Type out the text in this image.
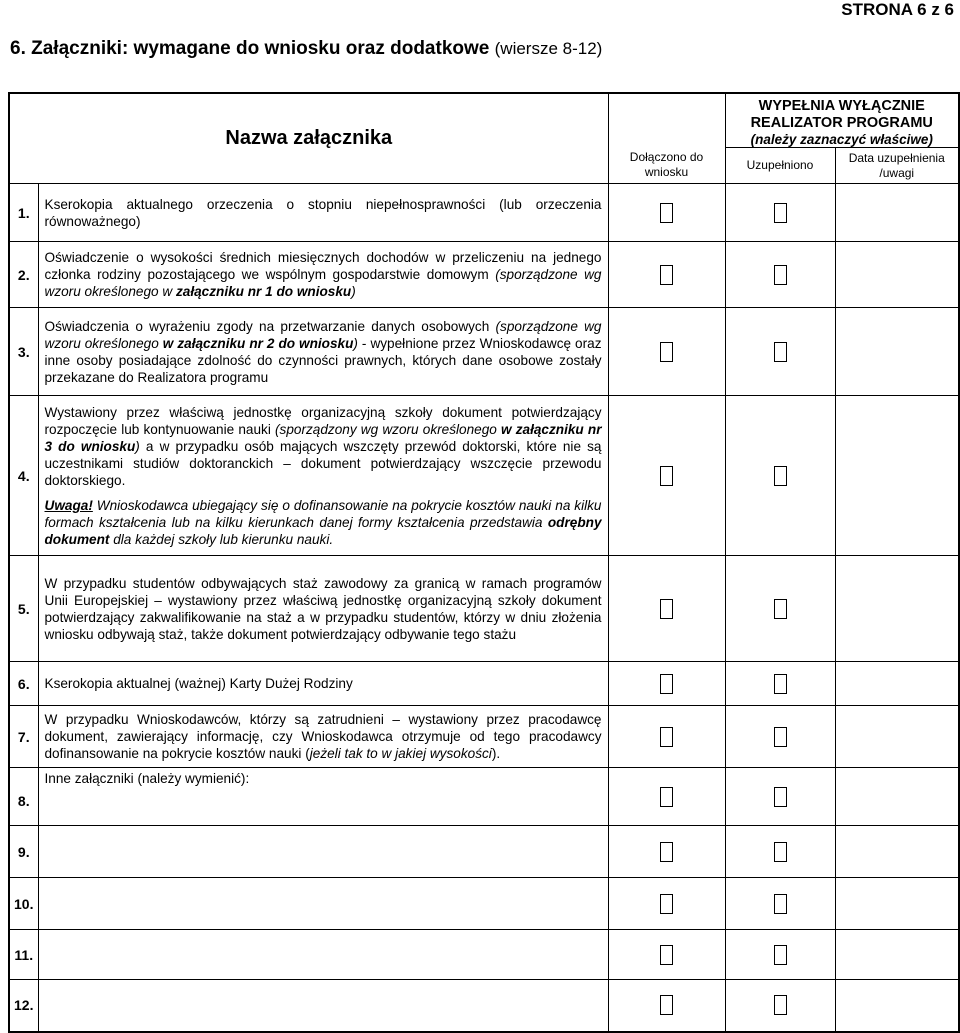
STRONA 6 z 6
6. Załączniki: wymagane do wniosku oraz dodatkowe (wiersze 8-12)
Nazwa załącznika		Dołączono do wniosku	WYPEŁNIA WYŁĄCZNIE
REALIZATOR PROGRAMU
(należy zaznaczyć właściwe)	

			Uzupełniono	Data uzupełnienia /uwagi
1.	Kserokopia aktualnego orzeczenia o stopniu niepełnosprawności (lub orzeczenia równoważnego)			
2.	Oświadczenie o wysokości średnich miesięcznych dochodów w przeliczeniu na jednego członka rodziny pozostającego we wspólnym gospodarstwie domowym (sporządzone wg wzoru określonego w załączniku nr 1 do wniosku)			
3.	Oświadczenia o wyrażeniu zgody na przetwarzanie danych osobowych (sporządzone wg wzoru określonego w załączniku nr 2 do wniosku) - wypełnione przez Wnioskodawcę oraz inne osoby posiadające zdolność do czynności prawnych, których dane osobowe zostały przekazane do Realizatora programu			
4.	Wystawiony przez właściwą jednostkę organizacyjną szkoły dokument potwierdzający rozpoczęcie lub kontynuowanie nauki (sporządzony wg wzoru określonego w załączniku nr 3 do wniosku) a w przypadku osób mających wszczęty przewód doktorski, które nie są uczestnikami studiów doktoranckich – dokument potwierdzający wszczęcie przewodu doktorskiego.

Uwaga! Wnioskodawca ubiegający się o dofinansowanie na pokrycie kosztów nauki na kilku formach kształcenia lub na kilku kierunkach danej formy kształcenia przedstawia odrębny dokument dla każdej szkoły lub kierunku nauki.			

5.	W przypadku studentów odbywających staż zawodowy za granicą w ramach programów Unii Europejskiej – wystawiony przez właściwą jednostkę organizacyjną szkoły dokument potwierdzający zakwalifikowanie na staż a w przypadku studentów, którzy w dniu złożenia wniosku odbywają staż, także dokument potwierdzający odbywanie tego stażu			
6.	Kserokopia aktualnej (ważnej) Karty Dużej Rodziny			
7.	W przypadku Wnioskodawców, którzy są zatrudnieni – wystawiony przez pracodawcę dokument, zawierający informację, czy Wnioskodawca otrzymuje od tego pracodawcy dofinansowanie na pokrycie kosztów nauki (jeżeli tak to w jakiej wysokości).			
8.	Inne załączniki (należy wymienić):			
9.				
10.				
11.				
12.				
